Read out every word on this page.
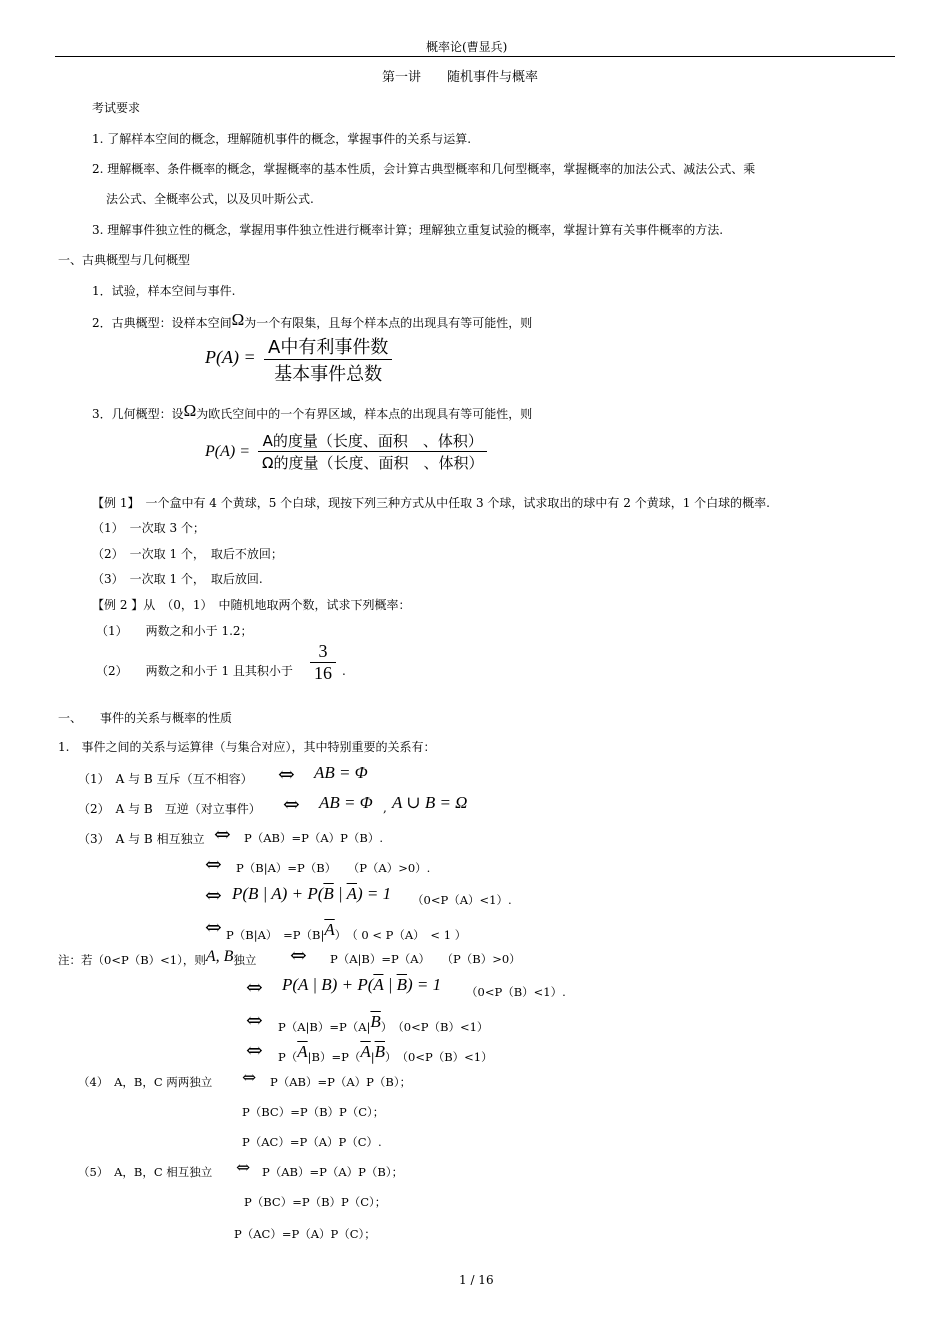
概率论(曹显兵)
第一讲　　随机事件与概率
考试要求
1. 了解样本空间的概念，理解随机事件的概念，掌握事件的关系与运算.
2. 理解概率、条件概率的概念，掌握概率的基本性质，会计算古典型概率和几何型概率，掌握概率的加法公式、减法公式、乘
法公式、全概率公式，以及贝叶斯公式.
3. 理解事件独立性的概念，掌握用事件独立性进行概率计算；理解独立重复试验的概率，掌握计算有关事件概率的方法.
一、古典概型与几何概型
1．试验，样本空间与事件.
2．古典概型：设样本空间Ω为一个有限集，且每个样本点的出现具有等可能性，则
P(A) = A中有利事件数
基本事件总数
3．几何概型：设Ω为欧氏空间中的一个有界区域，样本点的出现具有等可能性，则
P(A) =
A的度量（长度、面积　、体积）
Ω的度量（长度、面积　、体积）
【例 1】　一个盒中有 4 个黄球，5 个白球，现按下列三种方式从中任取 3 个球，试求取出的球中有 2 个黄球，1 个白球的概率.
（1）　一次取 3 个；
（2）　一次取 1 个，　取后不放回；
（3）　一次取 1 个，　取后放回.
【例 2 】从　（0，1）　中随机地取两个数，试求下列概率：
（1）　　两数之和小于 1.2；
（2）　　两数之和小于 1 且其积小于 $\frac{3}{16}$ .
一、　　事件的关系与概率的性质
1.　事件之间的关系与运算律（与集合对应），其中特别重要的关系有：
（1）　A 与 B 互斥（互不相容） ⇔ AB = Φ
（2）　A 与 B　互逆（对立事件） ⇔ AB = Φ , A ∪ B = Ω
（3）　A 与 B 相互独立 ⇔ P（AB）=P（A）P（B）.
⇔ P（B|A）=P（B）　　（P（A）>0）.
⇔ P(B | $A) + P(\overline{B}$ | $\overline{A}) = 1$ （0<P（A）<1）.
⇔ P（B|A）　$=P(B|\overline{A})$　（ 0 < P（A）　< 1 ）
注：若（0<P（B）<1），则A, B独立 ⇔ P（A|B）=P（A）　　（P（B）>0）
⇔ P(A | $B) + P(\overline{A}$ | $\overline{B}) = 1$ （0<P（B）<1）.
⇔ $P(A|B)=P(A|\overline{B})$　（0<P（B）<1）
⇔ $P(\overline{A}|B)=P(\overline{A}|\overline{B})$　（0<P（B）<1）
（4）　A，B，C 两两独立 ⇔ P（AB）=P（A）P（B）；
P（BC）=P（B）P（C）；
P（AC）=P（A）P（C）.
（5）　A，B，C 相互独立 ⇔ P（AB）=P（A）P（B）；
P（BC）=P（B）P（C）；
P（AC）=P（A）P（C）；
1 / 16
